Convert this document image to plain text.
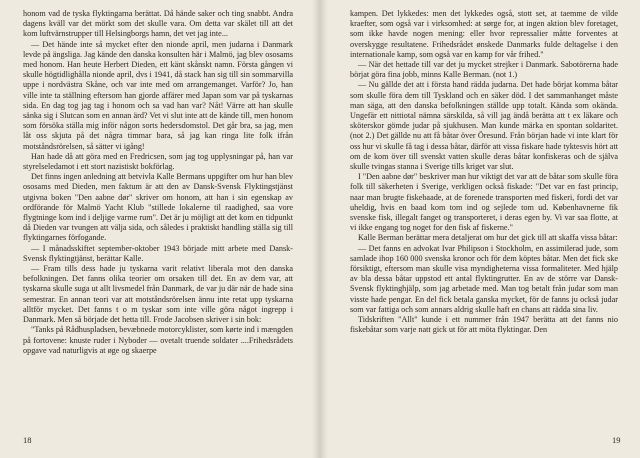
honom vad de tyska flyktingarna berättat. Då hände saker och ting snabbt. Andra dagens kväll var det mörkt som det skulle vara. Om detta var skälet till att det kom luftvärnstrupper till Helsingborgs hamn, det vet jag inte...

— Det hände inte så mycket efter den nionde april, men judarna i Danmark levde på ängsliga. Jag kände den danska konsulten här i Malmö, jag blev ososams med honom. Han heute Herbert Dieden, ett känt skånskt namn. Första gången vi skulle högtidlighålla nionde april, dvs i 1941, då stack han sig till sin sommarvilla uppe i nordvästra Skåne, och var inte med om arrangemanget. Varför? Jo, han ville inte ta ställning eftersom han gjorde affärer med Japan som var på tyskarnas sida. En dag tog jag tag i honom och sa vad han var? Nåt! Värre att han skulle sänka sig i Slutcan som en annan ärd? Vet vi slut inte att de kände till, men honom som försöka ställa mig inför någon sorts hedersdomstol. Det går bra, sa jag, men låt oss skjuta på det några timmar bara, så jag kan ringa lite folk ifrån motståndsrörelsen, så sätter vi igång!

Han hade då att göra med en Fredricsen, som jag tog upplysningar på, han var styrelseledamot i ett stort nazistiskt bokförlag.

Det finns ingen anledning att betvivla Kalle Bermans uppgifter om hur han blev ososams med Dieden, men faktum är att den av Dansk-Svensk Flyktingstjänst utgivna boken "Den aabne dør" skriver om honom, att han i sin egenskap av ordförande för Malmö Yacht Klub "stillede lokalerne til raadighed, saa vore flygtninge kom ind i deljige varme rum". Det är ju möjligt att det kom en tidpunkt då Dieden var tvungen att välja sida, och således i praktiskt handling ställa sig till flyktingarnes förfogande.

— I månadsskiftet september-oktober 1943 började mitt arbete med Dansk-Svensk flyktingtjänst, berättar Kalle.

— Fram tills dess hade ju tyskarna varit relativt liberala mot den danska befolkningen. Det fanns olika teorier om orsaken till det. En av dem var, att tyskarna skulle suga ut allt livsmedel från Danmark, de var ju där när de hade sina semestrar. En annan teori var att motståndsrörelsen ännu inte retat upp tyskarna alltför mycket. Det fanns t o m tyskar som inte ville göra något ingrepp i Danmark. Men så började det hetta till. Frode Jacobsen skriver i sin bok:

"Tanks på Rådhuspladsen, bevæbnede motorcyklister, som kørte ind i mængden på fortovene: knuste ruder i Nyboder — ovetalt truende soldater ....Frihedsrådets opgave vad naturligvis at øge og skaerpe

18

kampen. Det lykkedes: men det lykkedes også, stott set, at taemme de vilde kraefter, som også var i virksomhed: at sørge for, at ingen aktion blev foretaget, som ikke havde nogen mening: eller hvor repressalier måtte forventes at overskygge resultatene. Frihedsrådet ønskede Danmarks fulde deltagelse i den internationale kamp, som også var en kamp for vår frihed."

— När det hettade till var det ju mycket strejker i Danmark. Sabotörerna hade börjat göra fina jobb, minns Kalle Berman. (not 1.)

— Nu gällde det att i första hand rädda judarna. Det hade börjat komma båtar som skulle föra dem till Tyskland och en säker död. I det sammanhanget måste man säga, att den danska befolkningen ställde upp totalt. Kända som okända. Ungefär ett nittiotal nämna särskilda, så vill jag ändå berätta att t ex läkare och sköterskor gömde judar på sjukhusen. Man kunde märka en spontan soldaritet. (not 2.) Det gällde nu att få båtar över Öresund. Från början hade vi inte klart för oss hur vi skulle få tag i dessa båtar, därför att vissa fiskare hade tyktesvis hört att om de kom över till svenskt vatten skulle deras båtar konfiskeras och de själva skulle tvingas stanna i Sverige tills kriget var slut.

I "Den aabne dør" beskriver man hur viktigt det var att de båtar som skulle föra folk till säkerheten i Sverige, verkligen också fiskade: "Det var en fast princip, naar man brugte fiskebaade, at de forenede transporten med fiskeri, fordi det var uheldig, hvis en baad kom tom ind og sejlede tom ud. Københavnerne fik svenske fisk, illegalt fanget og transporteret, i deras egen by. Vi var saa flotte, at vi ikke engang tog noget for den fisk af fiskerne."

Kalle Berman berättar mera detaljerat om hur det gick till att skaffa vissa båtar:

— Det fanns en advokat Ivar Philipson i Stockholm, en assimilerad jude, som samlade ihop 160 000 svenska kronor och för dem köptes båtar. Men det fick ske försiktigt, eftersom man skulle visa myndigheterna vissa formaliteter. Med hjälp av bla dessa båtar uppstod ett antal flyktingrutter. En av de större var Dansk-Svensk flyktinghjälp, som jag arbetade med. Man tog betalt från judar som man visste hade pengar. En del fick betala ganska mycket, för de fanns ju också judar som var fattiga och som annars aldrig skulle haft en chans att rädda sina liv.

Tidskriften "Allt" kunde i ett nummer från 1947 berätta att det fanns nio fiskebåtar som varje natt gick ut för att möta flyktingar. Den

19
